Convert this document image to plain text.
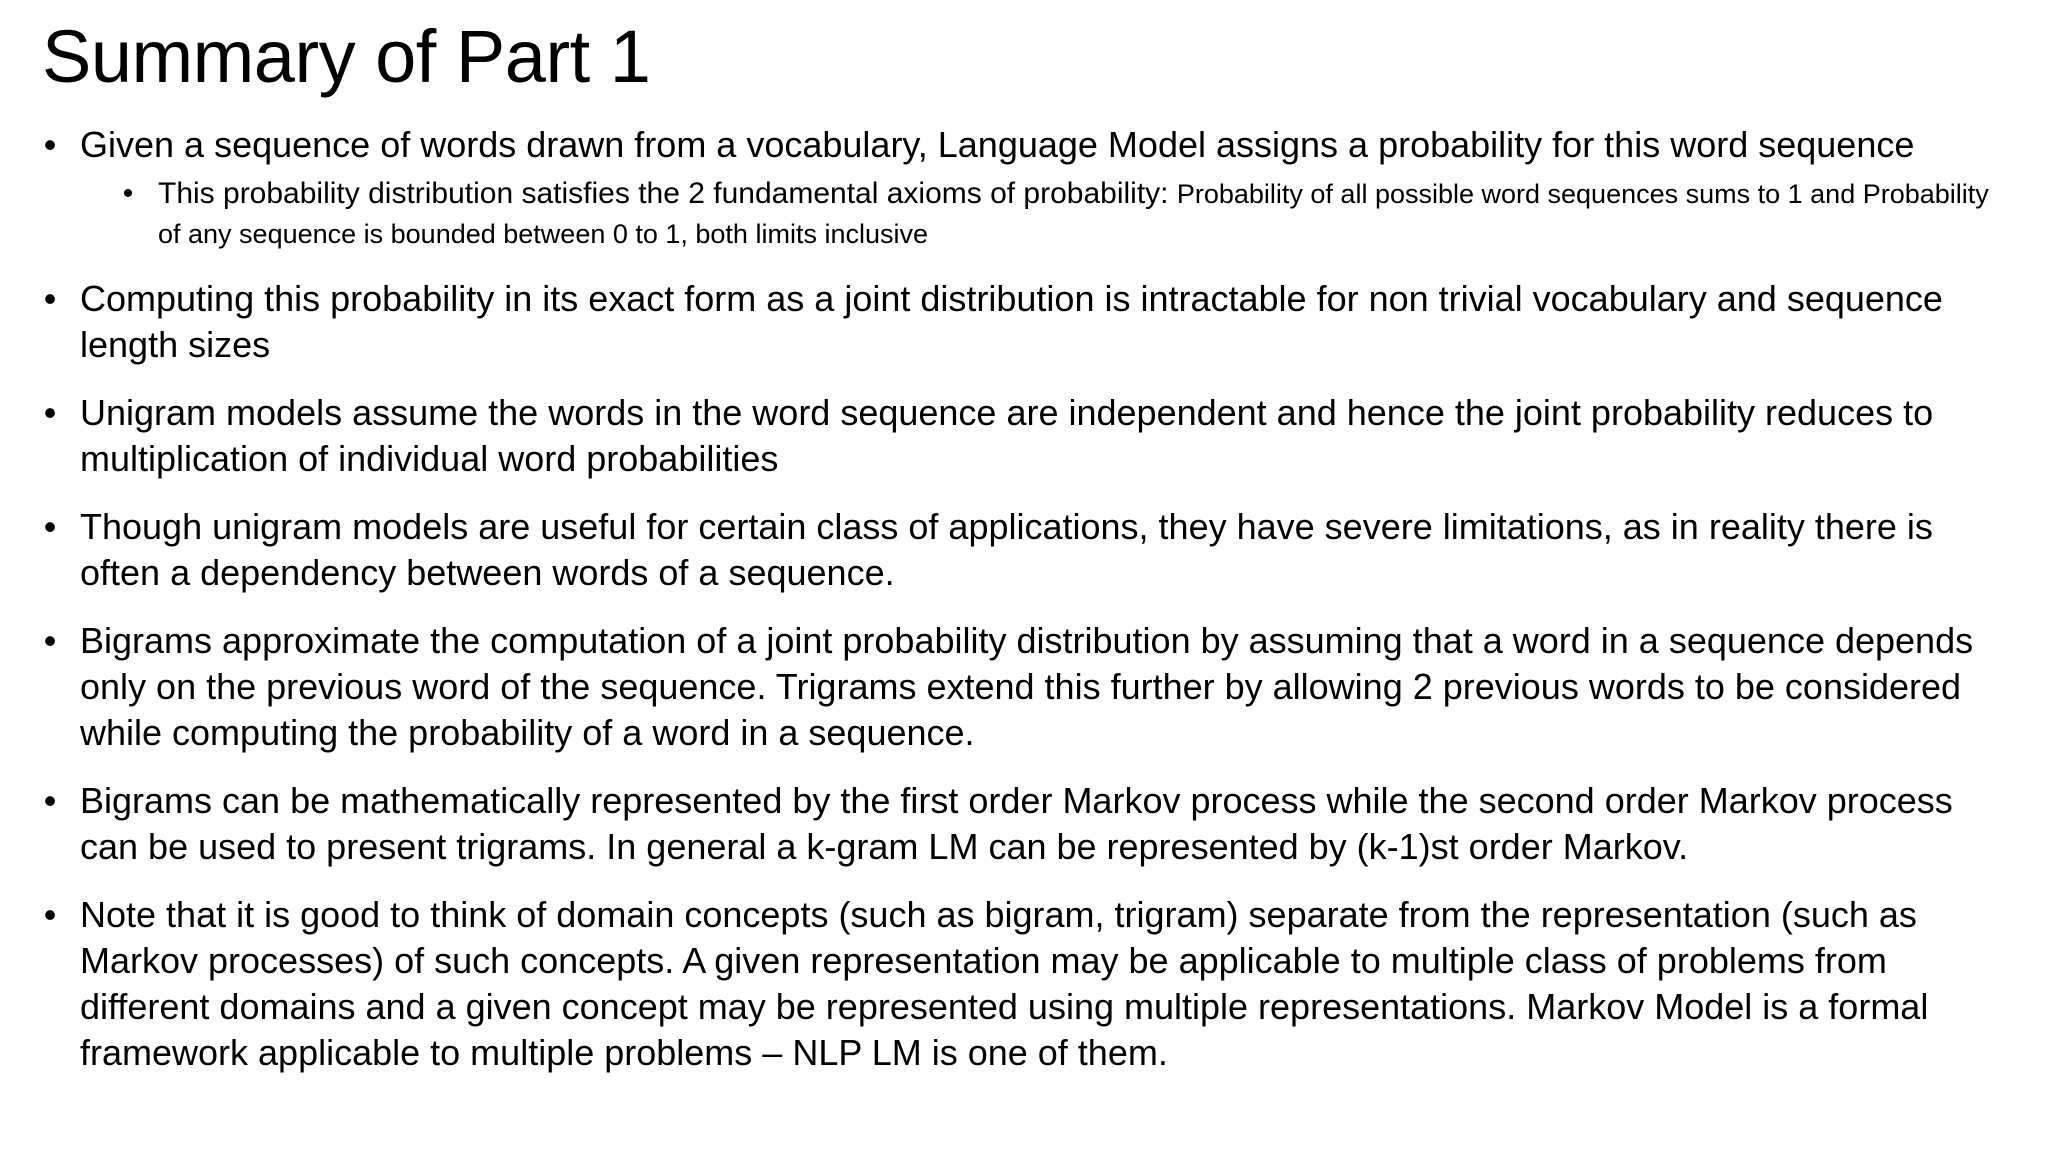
Summary of Part 1
• Given a sequence of words drawn from a vocabulary, Language Model assigns a probability for this word sequence
• This probability distribution satisfies the 2 fundamental axioms of probability: Probability of all possible word sequences sums to 1 and Probability of any sequence is bounded between 0 to 1, both limits inclusive
• Computing this probability in its exact form as a joint distribution is intractable for non trivial vocabulary and sequence length sizes
• Unigram models assume the words in the word sequence are independent and hence the joint probability reduces to multiplication of individual word probabilities
• Though unigram models are useful for certain class of applications, they have severe limitations, as in reality there is often a dependency between words of a sequence.
• Bigrams approximate the computation of a joint probability distribution by assuming that a word in a sequence depends only on the previous word of the sequence. Trigrams extend this further by allowing 2 previous words to be considered while computing the probability of a word in a sequence.
• Bigrams can be mathematically represented by the first order Markov process while the second order Markov process can be used to present trigrams. In general a k-gram LM can be represented by (k-1)st order Markov.
• Note that it is good to think of domain concepts (such as bigram, trigram) separate from the representation (such as Markov processes) of such concepts. A given representation may be applicable to multiple class of problems from different domains and a given concept may be represented using multiple representations. Markov Model is a formal framework applicable to multiple problems – NLP LM is one of them.
